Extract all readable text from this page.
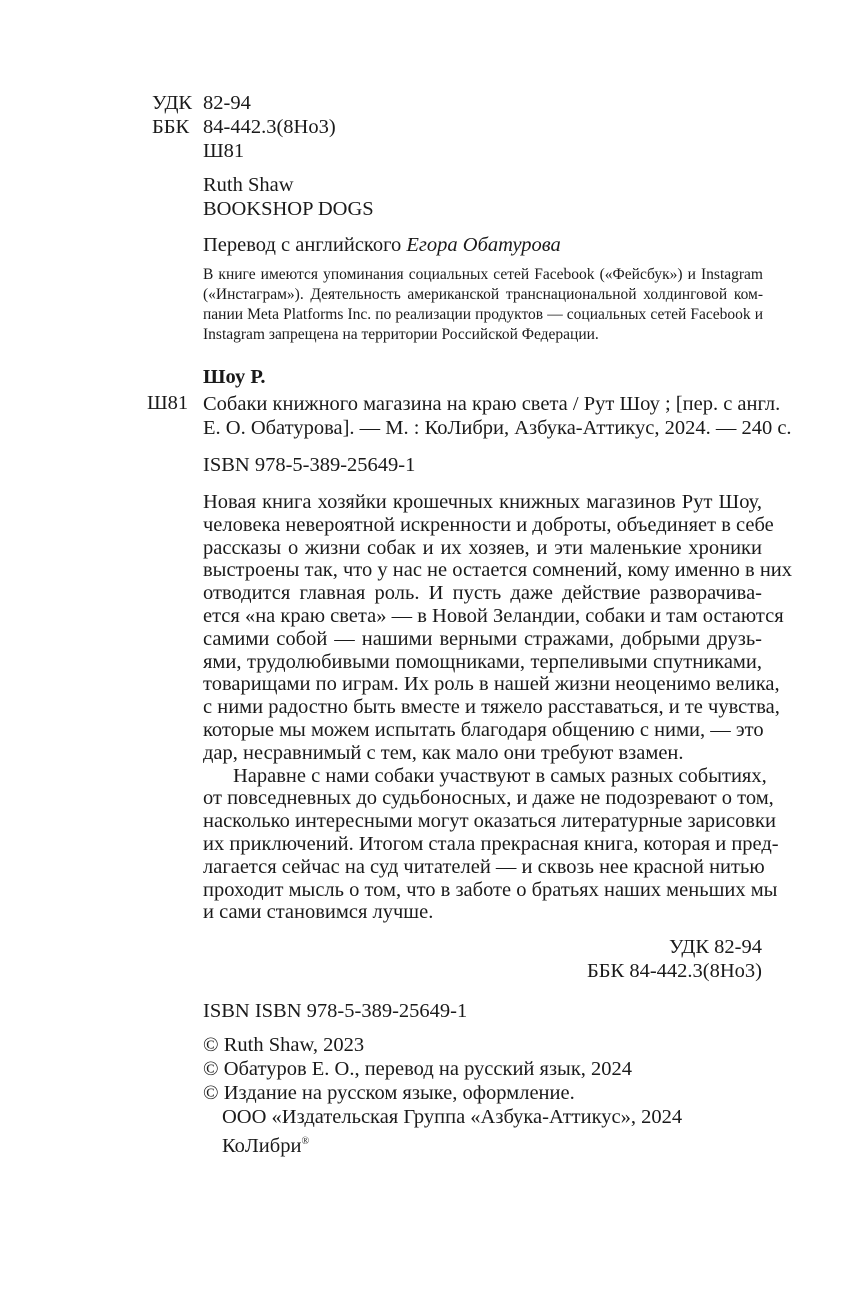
УДК 82-94
ББК 84-442.3(8Но3)
Ш81
Ruth Shaw
BOOKSHOP DOGS
Перевод с английского Егора Обатурова
В книге имеются упоминания социальных сетей Facebook («Фейсбук») и Instagram
(«Инстаграм»). Деятельность американской транснациональной холдинговой ком-
пании Meta Platforms Inc. по реализации продуктов — социальных сетей Facebook и
Instagram запрещена на территории Российской Федерации.
Шоу Р.
Ш81 Собаки книжного магазина на краю света / Рут Шоу ; [пер. с англ.
Е. О. Обатурова]. — М. : КоЛибри, Азбука-Аттикус, 2024. — 240 с.
ISBN 978-5-389-25649-1
Новая книга хозяйки крошечных книжных магазинов Рут Шоу,
человека невероятной искренности и доброты, объединяет в себе
рассказы о жизни собак и их хозяев, и эти маленькие хроники
выстроены так, что у нас не остается сомнений, кому именно в них
отводится главная роль. И пусть даже действие разворачива-
ется «на краю света» — в Новой Зеландии, собаки и там остаются
самими собой — нашими верными стражами, добрыми друзь-
ями, трудолюбивыми помощниками, терпеливыми спутниками,
товарищами по играм. Их роль в нашей жизни неоценимо велика,
с ними радостно быть вместе и тяжело расставаться, и те чувства,
которые мы можем испытать благодаря общению с ними, — это
дар, несравнимый с тем, как мало они требуют взамен.
Наравне с нами собаки участвуют в самых разных событиях,
от повседневных до судьбоносных, и даже не подозревают о том,
насколько интересными могут оказаться литературные зарисовки
их приключений. Итогом стала прекрасная книга, которая и пред-
лагается сейчас на суд читателей — и сквозь нее красной нитью
проходит мысль о том, что в заботе о братьях наших меньших мы
и сами становимся лучше.
УДК 82-94
ББК 84-442.3(8Но3)
ISBN ISBN 978-5-389-25649-1
© Ruth Shaw, 2023
© Обатуров Е. О., перевод на русский язык, 2024
© Издание на русском языке, оформление.
ООО «Издательская Группа «Азбука-Аттикус», 2024
КоЛибри®
